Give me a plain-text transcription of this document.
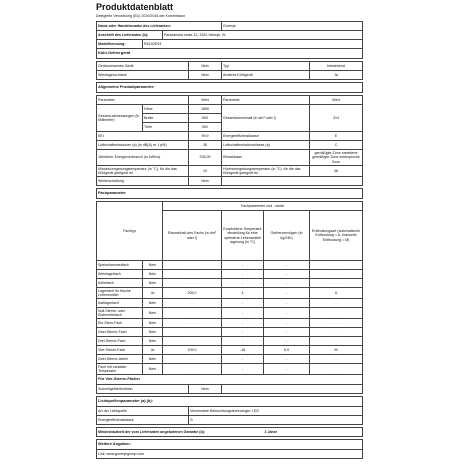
Produktdatenblatt
Delegierte Verordnung (EU) 2019/2016 der Kommission
Name oder Handelsmarke des Lieferanten:				Gorenje		
Anschrift des Lieferanten (b):		Partizanska cesta 12, 3320 Velenje, SI				
Modellkennung:	R6192ES4					
Kühl-Gefriergerät						

Geräuscharmes Gerät			Nein	Typ		freistehend
Weinlagerschrank			Nein	Anderes Kühlgerät		Ja

Allgemeine Produktparameter:						

Parameter			Wert	Parameter		Wert
Gesamt-abmessungen (in Millimeter)	Höhe		1850	Gesamtrauminhalt (in dm³ oder l)		314
	Breite		600			
	Tiefe		592			
EEI			99,9	Energieeffizienzklasse		E
Luftschallemissionen (a) (in dB(A) re 1 pW)			38	Luftschallemissionsklasse (a)		C
Jährlicher Energieverbrauch (in kWh/a)			235,00	Klimaklasse		gemäßigte Zone erweiterte gemäßigte Zone subtropische Zone
Mindestumgebungstemperatur (in °C), für die das Kühlgerät geeignet ist			10	Höchstumgebungstemperatur (in °C), für die das Kühlgerät geeignet ist		38
Winterschaltung			Nein			

Fachparameter						

Fachtyp		Fachparameter und - werte				
		Rauminhalt des Fachs (in dm³ oder l)		Empfohlene Temperatur einstellung für eine optimierte Lebensmittel lagerung (in °C)	Gefriervermögen (in kg/24h)	Entfrostungsart (automatische Entfrostung = A, manuelle Entfrostung = M)
Speisekammerfach	Nein	-		-	-	-
Weinlagerfach	Nein	-		-	-	-
Kellerfach	Nein	-		-	-	-
Lagerfach für frische Lebensmittel	Ja	205,0		4	-	A
Kaltlagerfach	Nein	-		-	-	-
Null-Sterne- oder Eisbereiterfach	Nein	-		-	-	-
Ein-Stern-Fach	Nein	-		-	-	-
Zwei-Sterne-Fach	Nein	-		-	-	-
Drei-Sterne-Fach	Nein	-		-	-	-
Vier-Sterne-Fach	Ja	109,0		-18	6,9	M
Zwei-Sterne-Abteil	Nein	-		-	-	-
Fach mit variabler Temperatur	Nein	-		-	-	-
Für Vier-Sterne-Fächer						
Schnellgefrierfunktion			Nein			

Lichtquellenparameter (a) (b):						
Art der Lichtquelle			Verwendete Beleuchtungstechnologie: LED			
Energieeffizienzklasse			G			

Mindestlaufzeit der vom Lieferanten angebotenen Garantie (b):					2 Jahre	

Weitere Angaben:						
Link: www.gorenjegroup.com						
